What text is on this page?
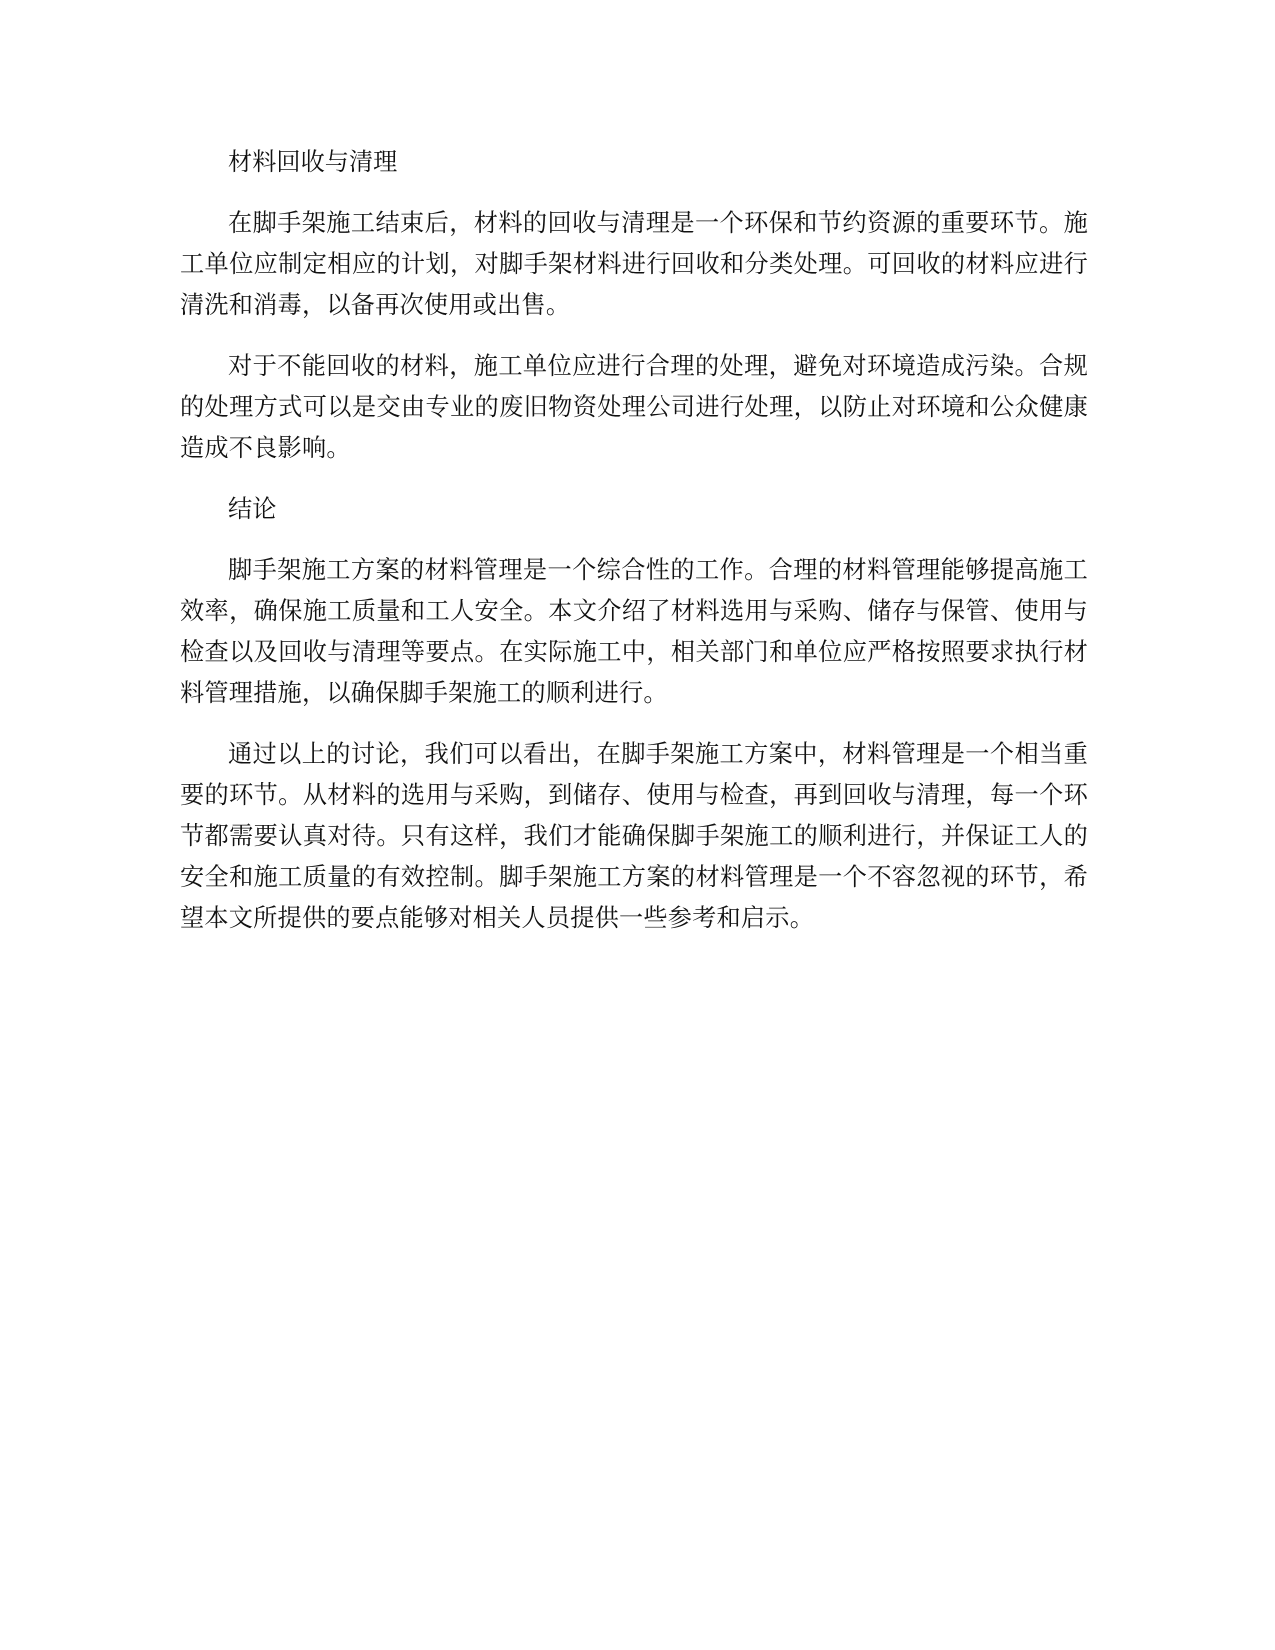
材料回收与清理

在脚手架施工结束后，材料的回收与清理是一个环保和节约资源的重要环节。施工单位应制定相应的计划，对脚手架材料进行回收和分类处理。可回收的材料应进行清洗和消毒，以备再次使用或出售。

对于不能回收的材料，施工单位应进行合理的处理，避免对环境造成污染。合规的处理方式可以是交由专业的废旧物资处理公司进行处理，以防止对环境和公众健康造成不良影响。

结论

脚手架施工方案的材料管理是一个综合性的工作。合理的材料管理能够提高施工效率，确保施工质量和工人安全。本文介绍了材料选用与采购、储存与保管、使用与检查以及回收与清理等要点。在实际施工中，相关部门和单位应严格按照要求执行材料管理措施，以确保脚手架施工的顺利进行。

通过以上的讨论，我们可以看出，在脚手架施工方案中，材料管理是一个相当重要的环节。从材料的选用与采购，到储存、使用与检查，再到回收与清理，每一个环节都需要认真对待。只有这样，我们才能确保脚手架施工的顺利进行，并保证工人的安全和施工质量的有效控制。脚手架施工方案的材料管理是一个不容忽视的环节，希望本文所提供的要点能够对相关人员提供一些参考和启示。
